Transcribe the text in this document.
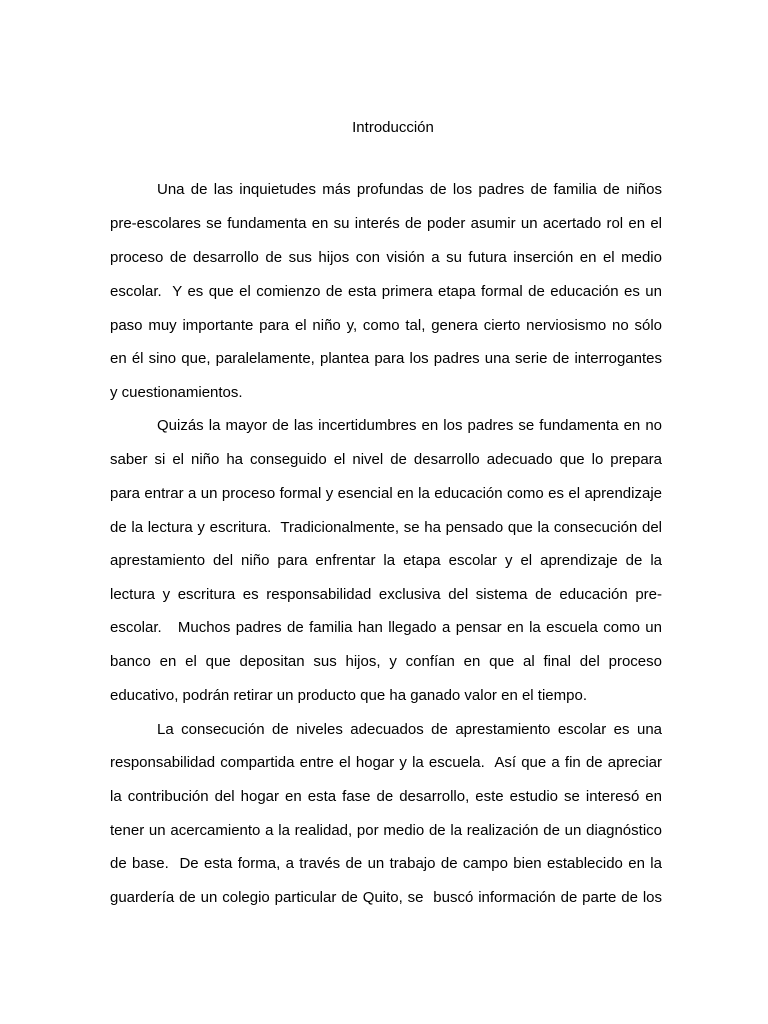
Introducción
Una de las inquietudes más profundas de los padres de familia de niños
pre-escolares se fundamenta en su interés de poder asumir un acertado rol en el
proceso de desarrollo de sus hijos con visión a su futura inserción en el medio
escolar.  Y es que el comienzo de esta primera etapa formal de educación es un
paso muy importante para el niño y, como tal, genera cierto nerviosismo no sólo
en él sino que, paralelamente, plantea para los padres una serie de interrogantes
y cuestionamientos.
Quizás la mayor de las incertidumbres en los padres se fundamenta en no
saber si el niño ha conseguido el nivel de desarrollo adecuado que lo prepara
para entrar a un proceso formal y esencial en la educación como es el aprendizaje
de la lectura y escritura.  Tradicionalmente, se ha pensado que la consecución del
aprestamiento del niño para enfrentar la etapa escolar y el aprendizaje de la
lectura y escritura es responsabilidad exclusiva del sistema de educación pre-
escolar.   Muchos padres de familia han llegado a pensar en la escuela como un
banco en el que depositan sus hijos, y confían en que al final del proceso
educativo, podrán retirar un producto que ha ganado valor en el tiempo.
La consecución de niveles adecuados de aprestamiento escolar es una
responsabilidad compartida entre el hogar y la escuela.  Así que a fin de apreciar
la contribución del hogar en esta fase de desarrollo, este estudio se interesó en
tener un acercamiento a la realidad, por medio de la realización de un diagnóstico
de base.  De esta forma, a través de un trabajo de campo bien establecido en la
guardería de un colegio particular de Quito, se  buscó información de parte de los
